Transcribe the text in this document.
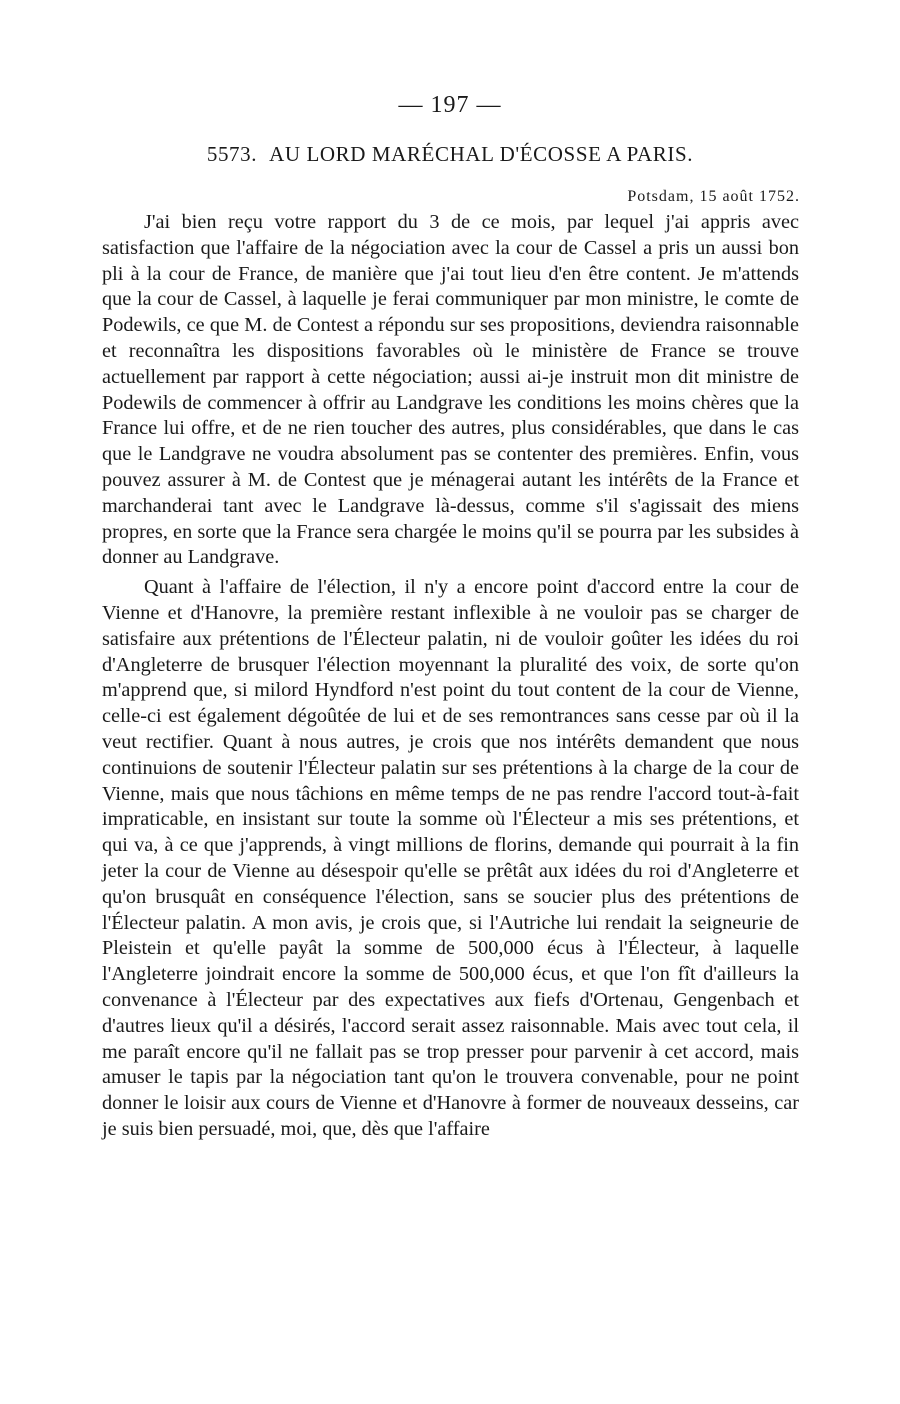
— 197 —
5573. AU LORD MARÉCHAL D'ÉCOSSE A PARIS.
Potsdam, 15 août 1752.

J'ai bien reçu votre rapport du 3 de ce mois, par lequel j'ai appris avec satisfaction que l'affaire de la négociation avec la cour de Cassel a pris un aussi bon pli à la cour de France, de manière que j'ai tout lieu d'en être content. Je m'attends que la cour de Cassel, à laquelle je ferai communiquer par mon ministre, le comte de Podewils, ce que M. de Contest a répondu sur ses propositions, deviendra raisonnable et reconnaîtra les dispositions favorables où le ministère de France se trouve actuellement par rapport à cette négociation; aussi ai-je instruit mon dit ministre de Podewils de commencer à offrir au Landgrave les conditions les moins chères que la France lui offre, et de ne rien toucher des autres, plus considérables, que dans le cas que le Landgrave ne voudra absolument pas se contenter des premières. Enfin, vous pouvez assurer à M. de Contest que je ménagerai autant les intérêts de la France et marchanderai tant avec le Landgrave là-dessus, comme s'il s'agissait des miens propres, en sorte que la France sera chargée le moins qu'il se pourra par les subsides à donner au Landgrave.

Quant à l'affaire de l'élection, il n'y a encore point d'accord entre la cour de Vienne et d'Hanovre, la première restant inflexible à ne vouloir pas se charger de satisfaire aux prétentions de l'Électeur palatin, ni de vouloir goûter les idées du roi d'Angleterre de brusquer l'élection moyennant la pluralité des voix, de sorte qu'on m'apprend que, si milord Hyndford n'est point du tout content de la cour de Vienne, celle-ci est également dégoûtée de lui et de ses remontrances sans cesse par où il la veut rectifier. Quant à nous autres, je crois que nos intérêts demandent que nous continuions de soutenir l'Électeur palatin sur ses prétentions à la charge de la cour de Vienne, mais que nous tâchions en même temps de ne pas rendre l'accord tout-à-fait impraticable, en insistant sur toute la somme où l'Électeur a mis ses prétentions, et qui va, à ce que j'apprends, à vingt millions de florins, demande qui pourrait à la fin jeter la cour de Vienne au désespoir qu'elle se prêtât aux idées du roi d'Angleterre et qu'on brusquât en conséquence l'élection, sans se soucier plus des prétentions de l'Électeur palatin. A mon avis, je crois que, si l'Autriche lui rendait la seigneurie de Pleistein et qu'elle payât la somme de 500,000 écus à l'Électeur, à laquelle l'Angleterre joindrait encore la somme de 500,000 écus, et que l'on fît d'ailleurs la convenance à l'Électeur par des expectatives aux fiefs d'Ortenau, Gengenbach et d'autres lieux qu'il a désirés, l'accord serait assez raisonnable. Mais avec tout cela, il me paraît encore qu'il ne fallait pas se trop presser pour parvenir à cet accord, mais amuser le tapis par la négociation tant qu'on le trouvera convenable, pour ne point donner le loisir aux cours de Vienne et d'Hanovre à former de nouveaux desseins, car je suis bien persuadé, moi, que, dès que l'affaire
